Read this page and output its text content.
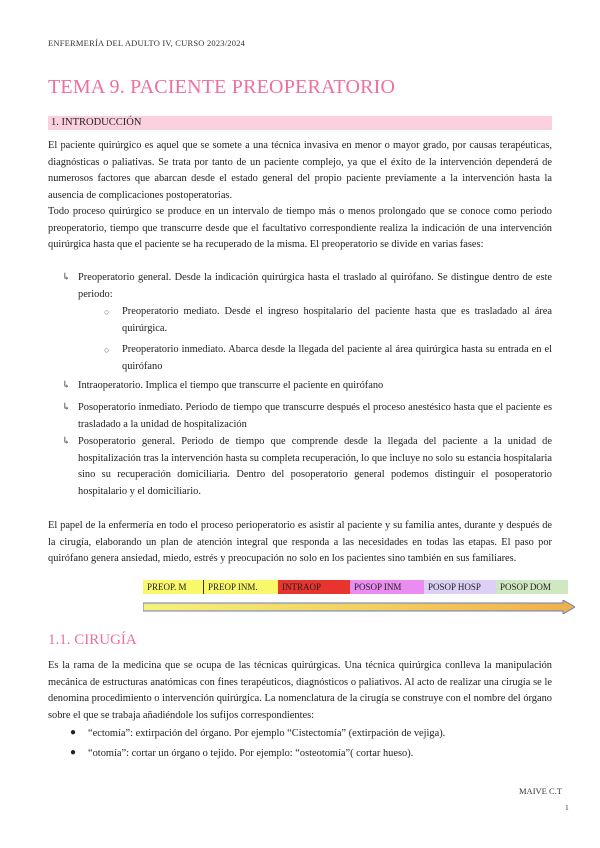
ENFERMERÍA DEL ADULTO IV, CURSO 2023/2024
TEMA 9. PACIENTE PREOPERATORIO
1. INTRODUCCIÓN
El paciente quirúrgico es aquel que se somete a una técnica invasiva en menor o mayor grado, por causas terapéuticas, diagnósticas o paliativas. Se trata por tanto de un paciente complejo, ya que el éxito de la intervención dependerá de numerosos factores que abarcan desde el estado general del propio paciente previamente a la intervención hasta la ausencia de complicaciones postoperatorias.
Todo proceso quirúrgico se produce en un intervalo de tiempo más o menos prolongado que se conoce como periodo preoperatorio, tiempo que transcurre desde que el facultativo correspondiente realiza la indicación de una intervención quirúrgica hasta que el paciente se ha recuperado de la misma. El preoperatorio se divide en varias fases:
↳ Preoperatorio general. Desde la indicación quirúrgica hasta el traslado al quirófano. Se distingue dentro de este periodo:
○ Preoperatorio mediato. Desde el ingreso hospitalario del paciente hasta que es trasladado al área quirúrgica.
○ Preoperatorio inmediato. Abarca desde la llegada del paciente al área quirúrgica hasta su entrada en el quirófano
↳ Intraoperatorio. Implica el tiempo que transcurre el paciente en quirófano
↳ Posoperatorio inmediato. Periodo de tiempo que transcurre después el proceso anestésico hasta que el paciente es trasladado a la unidad de hospitalización
↳ Posoperatorio general. Periodo de tiempo que comprende desde la llegada del paciente a la unidad de hospitalización tras la intervención hasta su completa recuperación, lo que incluye no solo su estancia hospitalaria sino su recuperación domiciliaria. Dentro del posoperatorio general podemos distinguir el posoperatorio hospitalario y el domiciliario.
El papel de la enfermería en todo el proceso perioperatorio es asistir al paciente y su familia antes, durante y después de la cirugía, elaborando un plan de atención integral que responda a las necesidades en todas las etapas. El paso por quirófano genera ansiedad, miedo, estrés y preocupación no solo en los pacientes sino también en sus familiares.
PREOP. M	PREOP INM.	INTRAOP	POSOP INM	POSOP HOSP	POSOP DOM
1.1. CIRUGÍA
Es la rama de la medicina que se ocupa de las técnicas quirúrgicas. Una técnica quirúrgica conlleva la manipulación mecánica de estructuras anatómicas con fines terapéuticos, diagnósticos o paliativos. Al acto de realizar una cirugía se le denomina procedimiento o intervención quirúrgica. La nomenclatura de la cirugía se construye con el nombre del órgano sobre el que se trabaja añadiéndole los sufijos correspondientes:
● “ectomía”: extirpación del órgano. Por ejemplo “Cistectomía” (extirpación de vejiga).
● “otomía”: cortar un órgano o tejido. Por ejemplo: “osteotomía”( cortar hueso).
MAIVE C.T
1
